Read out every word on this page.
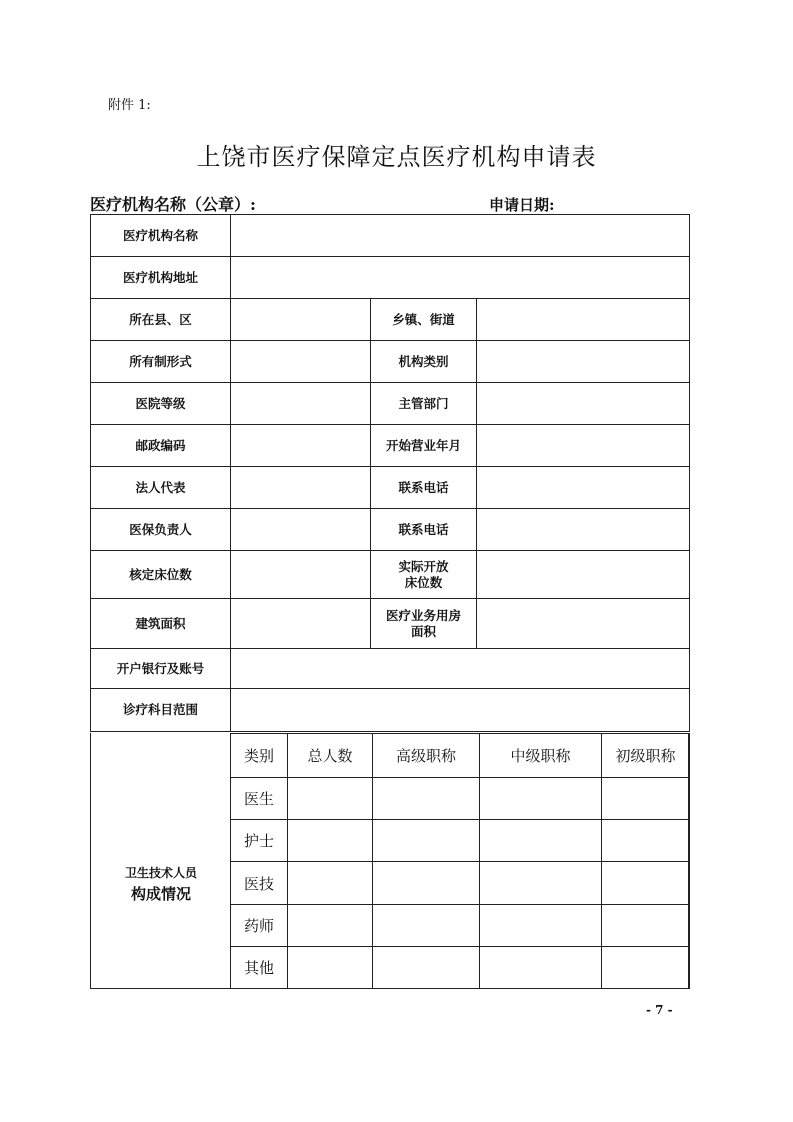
附件 1:
上饶市医疗保障定点医疗机构申请表
医疗机构名称（公章）:	申请日期:
医疗机构名称			
医疗机构地址			
所在县、区		乡镇、街道	
所有制形式		机构类别	
医院等级		主管部门	
邮政编码		开始营业年月	
法人代表		联系电话	
医保负责人		联系电话	
核定床位数		实际开放
床位数	
建筑面积		医疗业务用房
面积	
开户银行及账号			
诊疗科目范围			
卫生技术人员
构成情况
类别	总人数	高级职称	中级职称	初级职称
医生				
护士				
医技				
药师				
其他				
- 7 -
